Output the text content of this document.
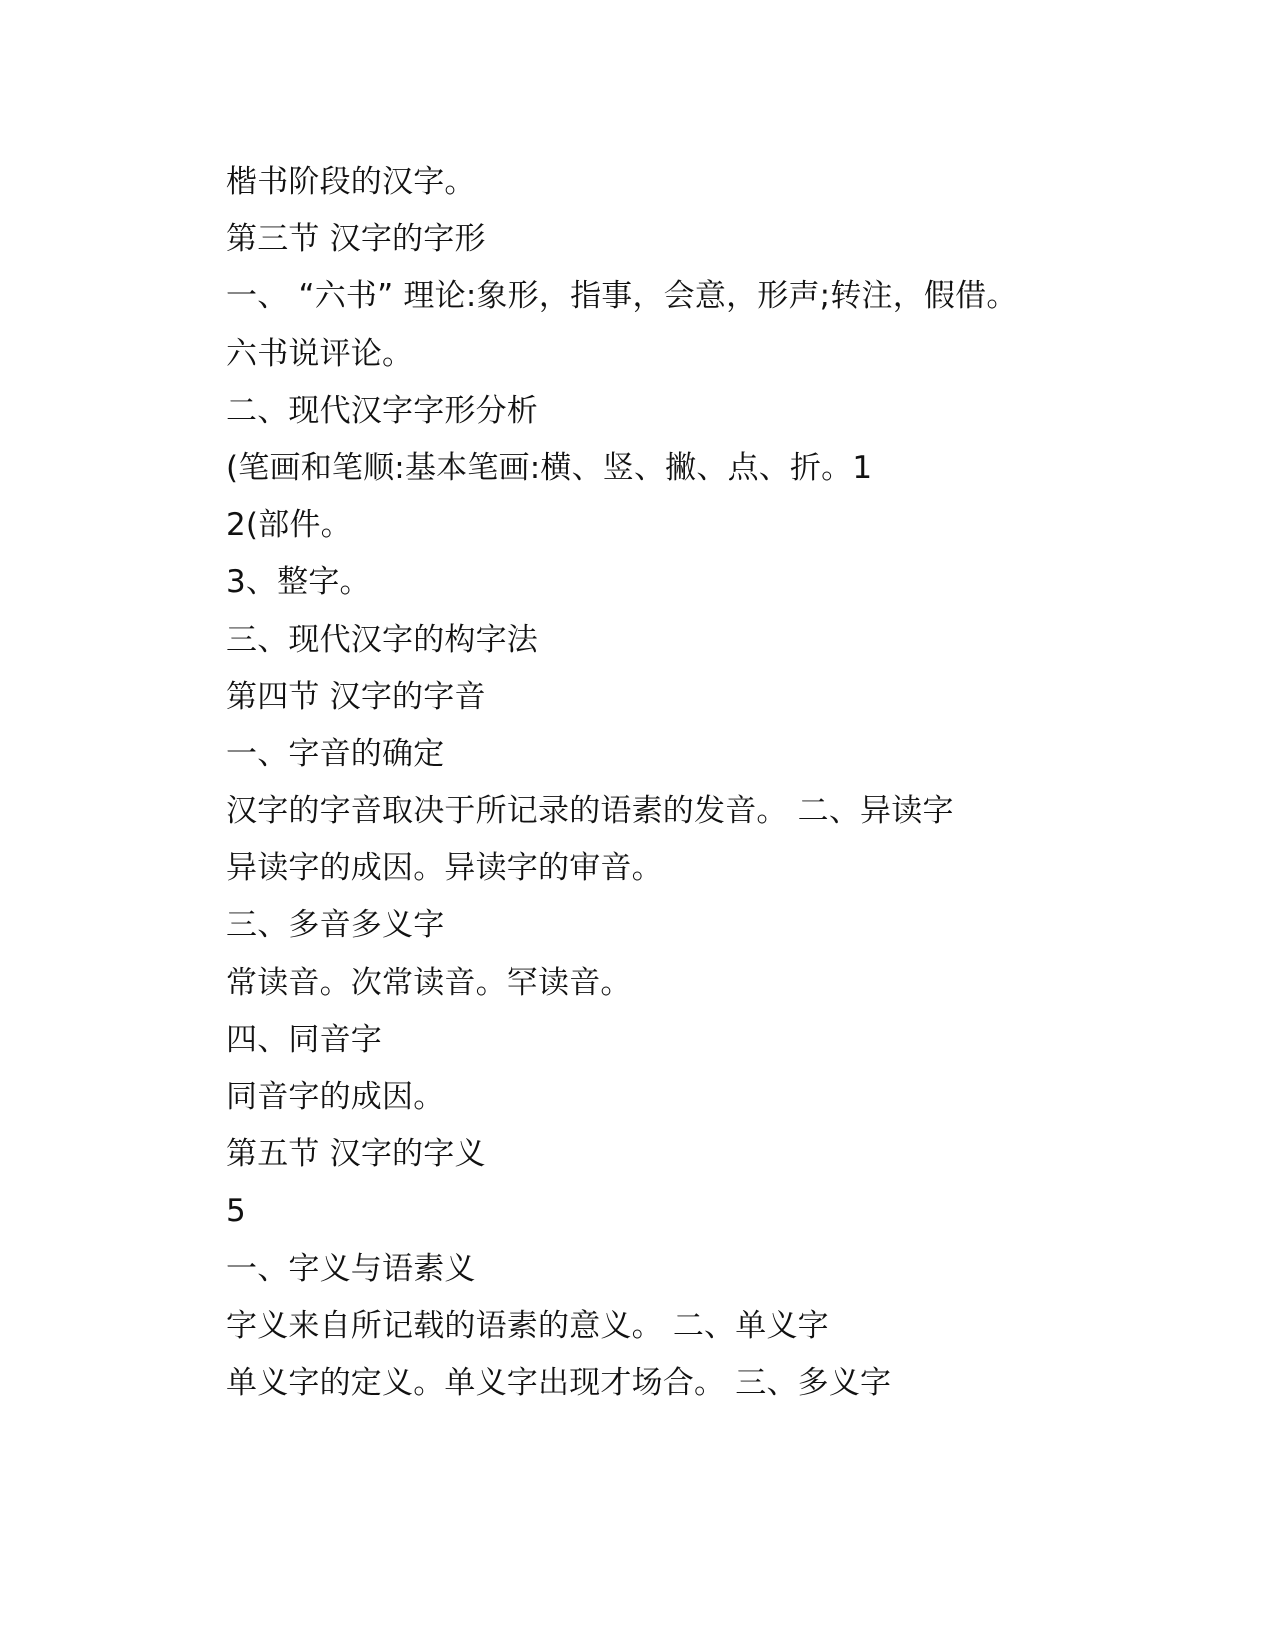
楷书阶段的汉字。
第三节 汉字的字形
一、 “六书” 理论:象形，指事，会意，形声;转注，假借。
六书说评论。
二、现代汉字字形分析
(笔画和笔顺:基本笔画:横、竖、撇、点、折。1
2(部件。
3、整字。
三、现代汉字的构字法
第四节 汉字的字音
一、字音的确定
汉字的字音取决于所记录的语素的发音。 二、异读字
异读字的成因。异读字的审音。
三、多音多义字
常读音。次常读音。罕读音。
四、同音字
同音字的成因。
第五节 汉字的字义
5
一、字义与语素义
字义来自所记载的语素的意义。 二、单义字
单义字的定义。单义字出现才场合。 三、多义字
